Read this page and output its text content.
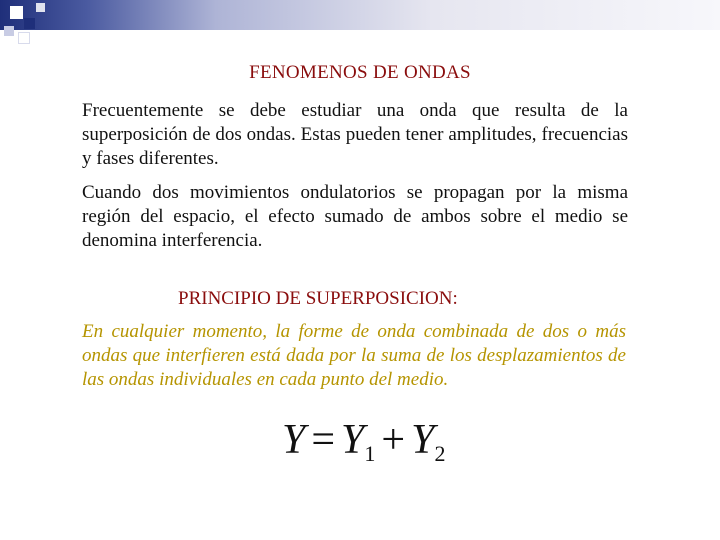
FENOMENOS DE ONDAS

Frecuentemente se debe estudiar una onda que resulta de la superposición de dos ondas. Estas pueden tener amplitudes, frecuencias y fases diferentes.

Cuando dos movimientos ondulatorios se propagan por la misma región del espacio, el efecto sumado de ambos sobre el medio se denomina interferencia.

PRINCIPIO DE SUPERPOSICION:

En cualquier momento, la forme de onda combinada de dos o más ondas que interfieren está dada por la suma de los desplazamientos de las ondas individuales en cada punto del medio.

$Y = Y_1 + Y_2$
